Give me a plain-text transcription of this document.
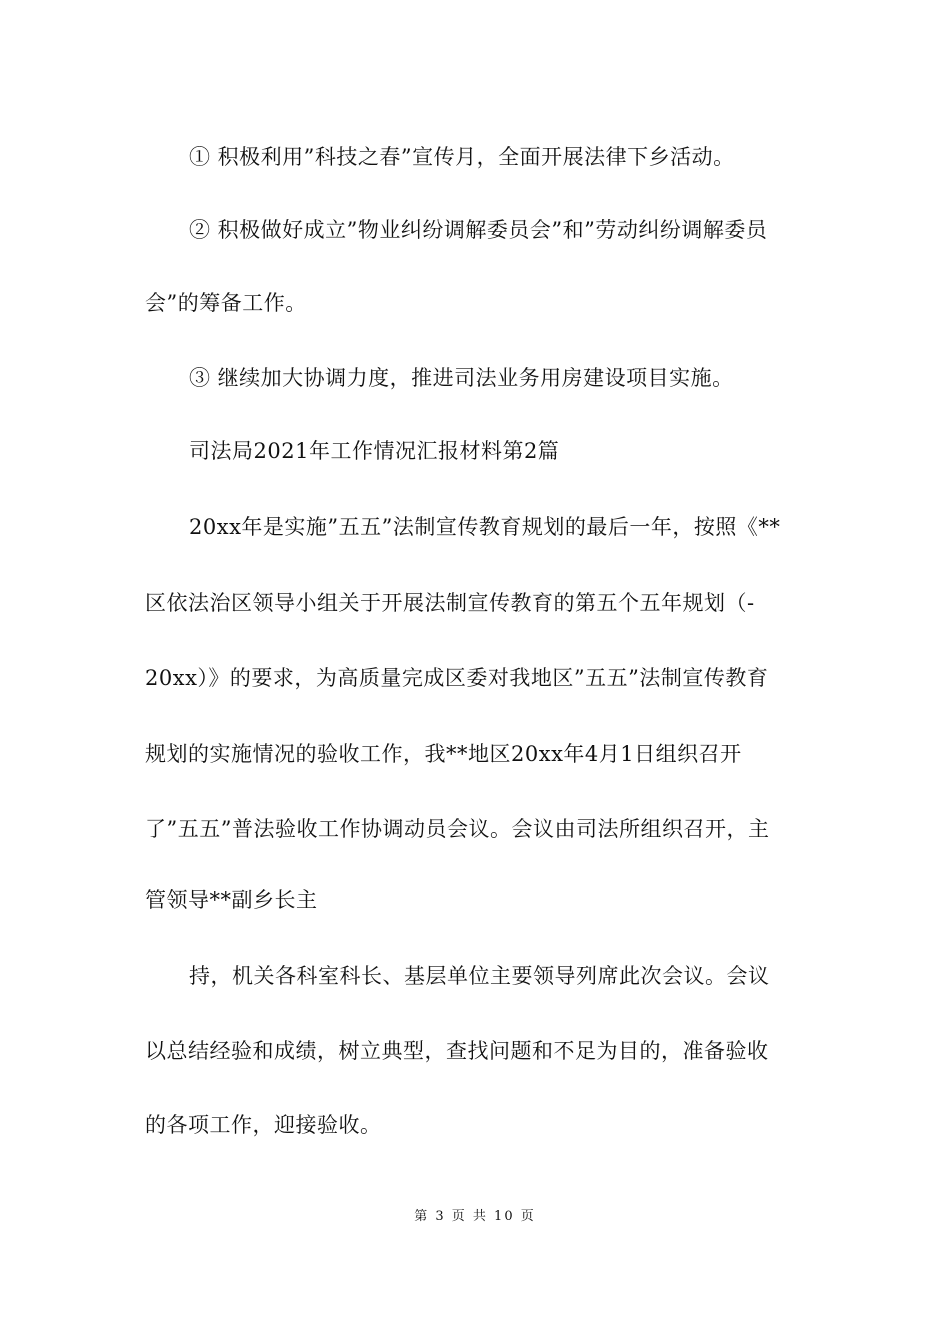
① 积极利用”科技之春”宣传月，全面开展法律下乡活动。
② 积极做好成立”物业纠纷调解委员会”和”劳动纠纷调解委员
会”的筹备工作。
③ 继续加大协调力度，推进司法业务用房建设项目实施。
司法局2021年工作情况汇报材料第2篇
20xx年是实施”五五”法制宣传教育规划的最后一年，按照《**
区依法治区领导小组关于开展法制宣传教育的第五个五年规划（-
20xx）》的要求，为高质量完成区委对我地区”五五”法制宣传教育
规划的实施情况的验收工作，我**地区20xx年4月1日组织召开
了”五五”普法验收工作协调动员会议。会议由司法所组织召开，主
管领导**副乡长主
持，机关各科室科长、基层单位主要领导列席此次会议。会议
以总结经验和成绩，树立典型，查找问题和不足为目的，准备验收
的各项工作，迎接验收。
第 3 页 共 10 页
